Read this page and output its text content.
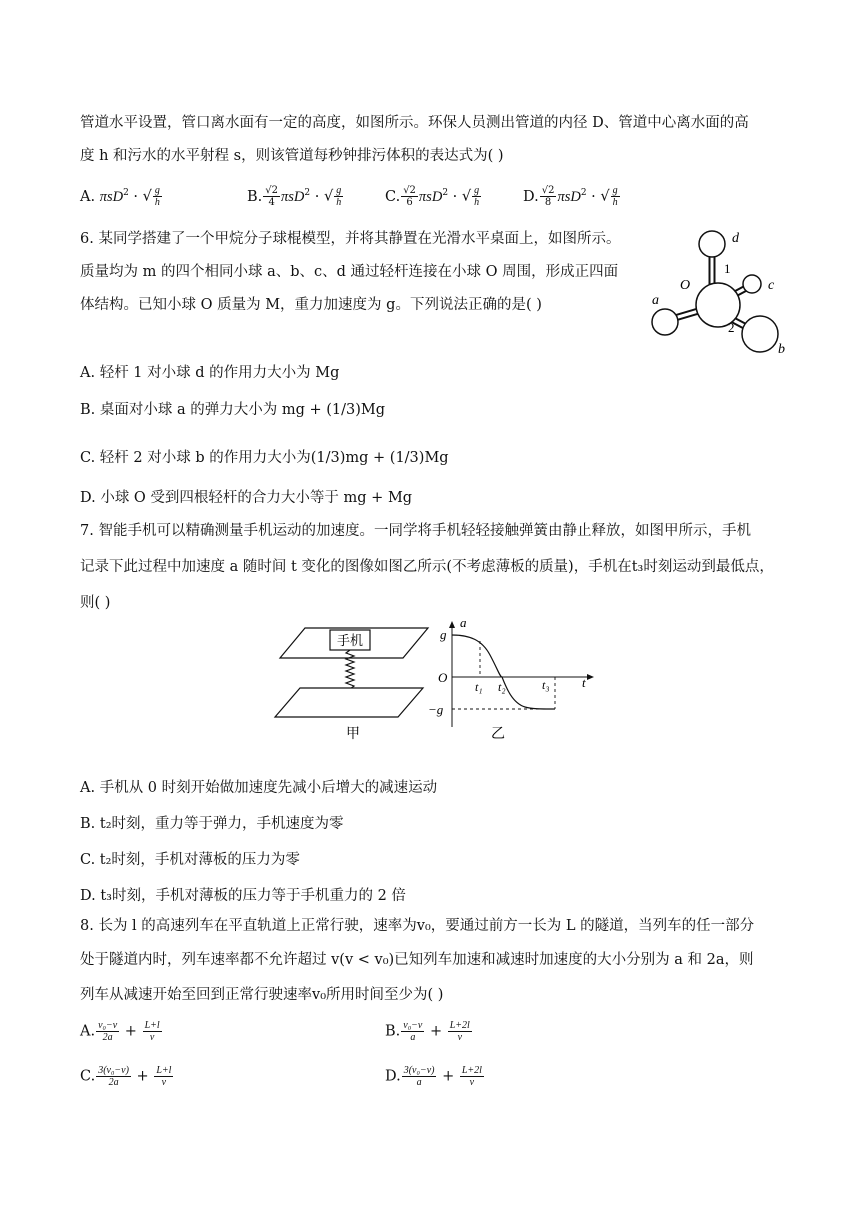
管道水平设置，管口离水面有一定的高度，如图所示。环保人员测出管道的内径 D、管道中心离水面的高
度 h 和污水的水平射程 s，则该管道每秒钟排污体积的表达式为( )
A. πsD$^2$ · √ $\frac{g}{h}$	B. $\frac{√2}{4} \pi sD^2$ · √ $\frac{g}{h}$	C. $\frac{√2}{6} \pi sD^2$ · √ $\frac{g}{h}$	D. $\frac{√2}{8} \pi sD^2$ · √ $\frac{g}{h}$
6. 某同学搭建了一个甲烷分子球棍模型，并将其静置在光滑水平桌面上，如图所示。
质量均为 m 的四个相同小球 a、b、c、d 通过轻杆连接在小球 O 周围，形成正四面
体结构。已知小球 O 质量为 M，重力加速度为 g。下列说法正确的是( )
d
O
1
c
a
2
b
A. 轻杆 1 对小球 d 的作用力大小为 Mg
B. 桌面对小球 a 的弹力大小为 mg + (1/3)Mg
C. 轻杆 2 对小球 b 的作用力大小为(1/3)mg + (1/3)Mg
D. 小球 O 受到四根轻杆的合力大小等于 mg + Mg
7. 智能手机可以精确测量手机运动的加速度。一同学将手机轻轻接触弹簧由静止释放，如图甲所示，手机
记录下此过程中加速度 a 随时间 t 变化的图像如图乙所示(不考虑薄板的质量)，手机在t₃时刻运动到最低点，
则( )
手机
甲
a
t
g
−g
O
t₁ t₂	t₃
乙
A. 手机从 0 时刻开始做加速度先减小后增大的减速运动
B. t₂时刻，重力等于弹力，手机速度为零
C. t₂时刻，手机对薄板的压力为零
D. t₃时刻，手机对薄板的压力等于手机重力的 2 倍
8. 长为 l 的高速列车在平直轨道上正常行驶，速率为v₀，要通过前方一长为 L 的隧道，当列车的任一部分
处于隧道内时，列车速率都不允许超过 v(v < v₀)已知列车加速和减速时加速度的大小分别为 a 和 2a，则
列车从减速开始至回到正常行驶速率v₀所用时间至少为( )
A. $\frac{\text{v₀−v}}{2a} + \frac{L+l}{v}$	B. $\frac{\text{v₀−v}}{a} + \frac{L+2l}{v}$
C. $\frac{\text{3(v₀−v)}}{2a} + \frac{L+l}{v}$	D. $\frac{\text{3(v₀−v)}}{a} + \frac{L+2l}{v}$
